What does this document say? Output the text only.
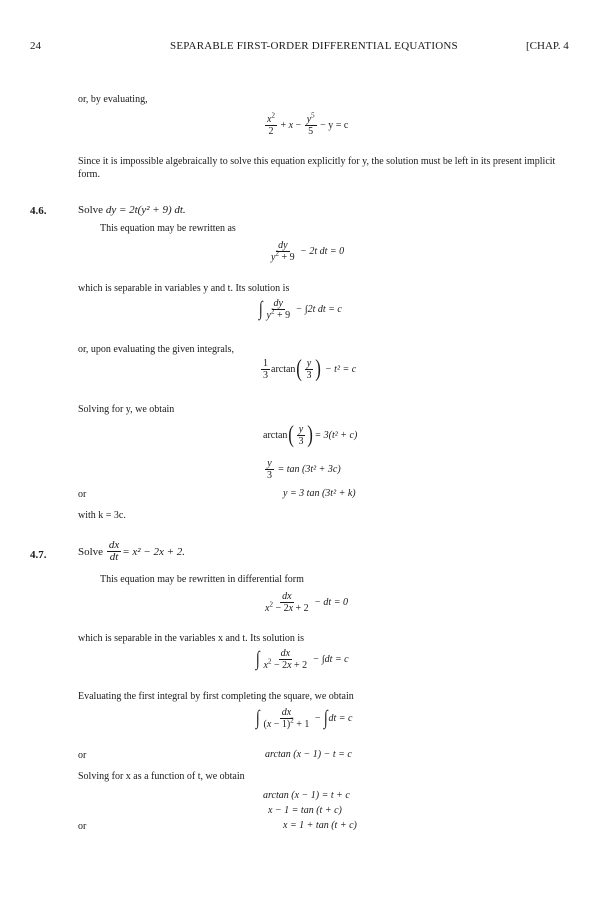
24	SEPARABLE FIRST-ORDER DIFFERENTIAL EQUATIONS	[CHAP. 4
or, by evaluating,
$\frac{x^2}{2} + x - \frac{y^5}{5}$
− y = c
Since it is impossible algebraically to solve this equation explicitly for y, the solution must be left in its present implicit form.
4.6.	Solve dy = 2t(y² + 9) dt.
This equation may be rewritten as
$\frac{dy}{y^2 + 9}$
− 2t dt = 0
which is separable in variables y and t. Its solution is
∫ $\frac{dy}{y^2 + 9}$
− ∫2t dt = c
or, upon evaluating the given integrals,
$\frac{1}{3}$ arctan ( $\frac{y}{3}$ )
− t² = c
Solving for y, we obtain
arctan ( $\frac{y}{3}$ ) = 3(t² + c)
$\frac{y}{3}$
= tan (3t² + 3c)
or	y = 3 tan (3t² + k)
with k = 3c.
4.7.	Solve
$\frac{dx}{dt} = x^2 - 2x + 2$.
This equation may be rewritten in differential form
$\frac{dx}{x^2 - 2x + 2}$
− dt = 0
which is separable in the variables x and t. Its solution is
∫ $\frac{dx}{x^2 - 2x + 2}$
− ∫dt = c
Evaluating the first integral by first completing the square, we obtain
∫ $\frac{dx}{(x - 1)^2 + 1}$ − ∫ dt = c
or	arctan (x − 1) − t = c
Solving for x as a function of t, we obtain
arctan (x − 1) = t + c
x − 1 = tan (t + c)
or	x = 1 + tan (t + c)
